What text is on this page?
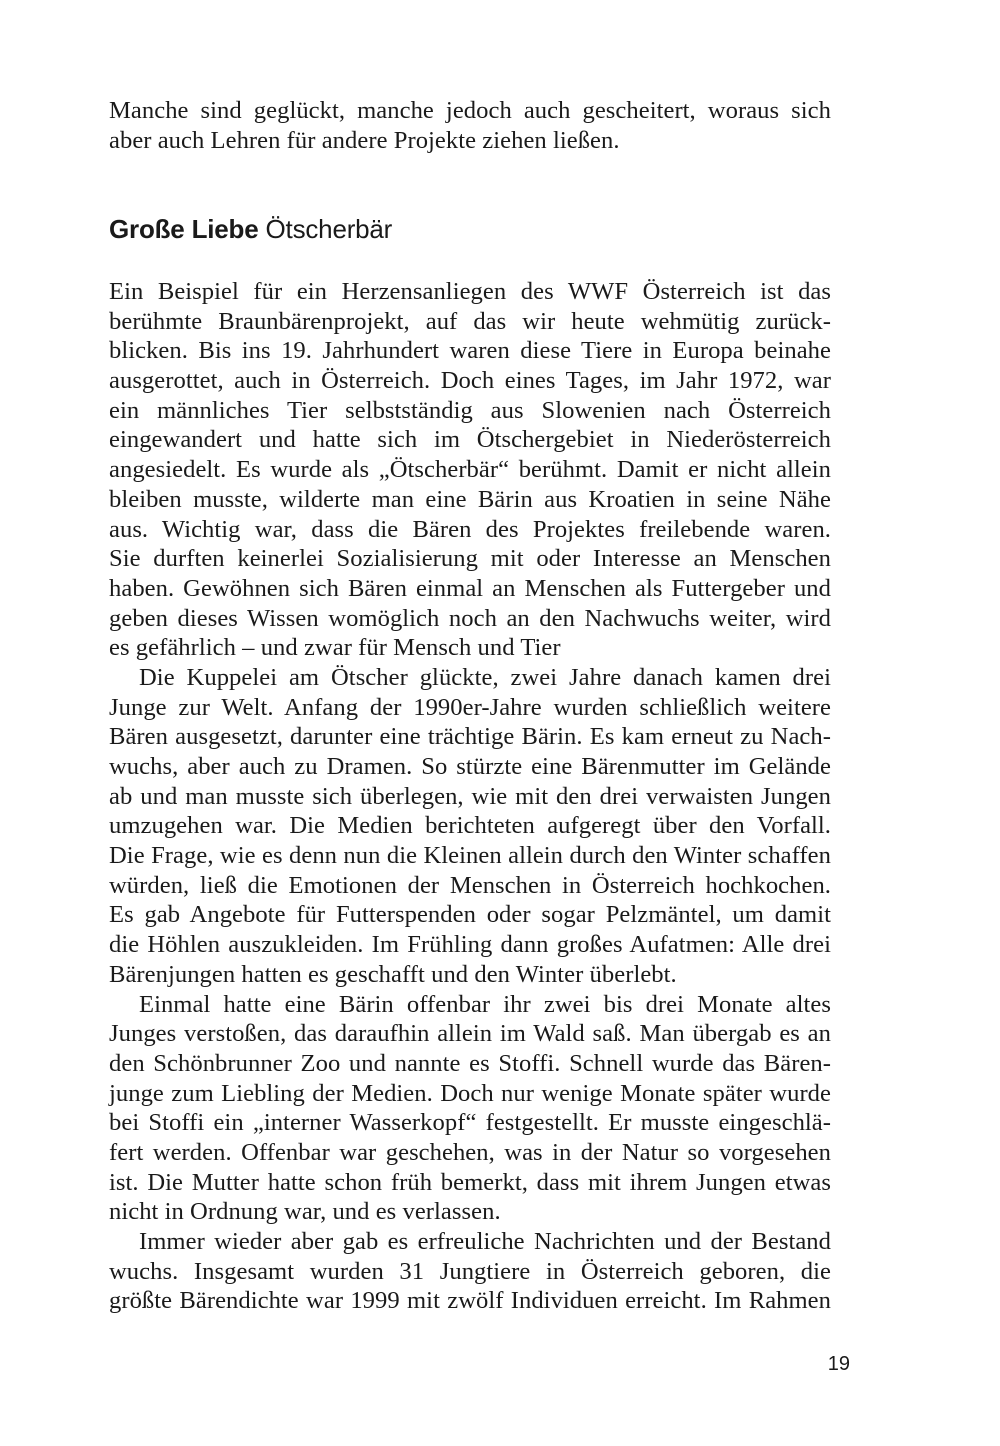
Manche sind geglückt, manche jedoch auch gescheitert, woraus sich
aber auch Lehren für andere Projekte ziehen ließen.
Große Liebe Ötscherbär
Ein Beispiel für ein Herzensanliegen des WWF Österreich ist das
berühmte Braunbärenprojekt, auf das wir heute wehmütig zurück-
blicken. Bis ins 19. Jahrhundert waren diese Tiere in Europa beinahe
ausgerottet, auch in Österreich. Doch eines Tages, im Jahr 1972, war
ein männliches Tier selbstständig aus Slowenien nach Österreich
eingewandert und hatte sich im Ötschergebiet in Niederösterreich
angesiedelt. Es wurde als „Ötscherbär“ berühmt. Damit er nicht allein
bleiben musste, wilderte man eine Bärin aus Kroatien in seine Nähe
aus. Wichtig war, dass die Bären des Projektes freilebende waren.
Sie durften keinerlei Sozialisierung mit oder Interesse an Menschen
haben. Gewöhnen sich Bären einmal an Menschen als Futtergeber und
geben dieses Wissen womöglich noch an den Nachwuchs weiter, wird
es gefährlich – und zwar für Mensch und Tier
Die Kuppelei am Ötscher glückte, zwei Jahre danach kamen drei
Junge zur Welt. Anfang der 1990er-Jahre wurden schließlich weitere
Bären ausgesetzt, darunter eine trächtige Bärin. Es kam erneut zu Nach-
wuchs, aber auch zu Dramen. So stürzte eine Bärenmutter im Gelände
ab und man musste sich überlegen, wie mit den drei verwaisten Jungen
umzugehen war. Die Medien berichteten aufgeregt über den Vorfall.
Die Frage, wie es denn nun die Kleinen allein durch den Winter schaffen
würden, ließ die Emotionen der Menschen in Österreich hochkochen.
Es gab Angebote für Futterspenden oder sogar Pelzmäntel, um damit
die Höhlen auszukleiden. Im Frühling dann großes Aufatmen: Alle drei
Bärenjungen hatten es geschafft und den Winter überlebt.
Einmal hatte eine Bärin offenbar ihr zwei bis drei Monate altes
Junges verstoßen, das daraufhin allein im Wald saß. Man übergab es an
den Schönbrunner Zoo und nannte es Stoffi. Schnell wurde das Bären-
junge zum Liebling der Medien. Doch nur wenige Monate später wurde
bei Stoffi ein „interner Wasserkopf“ festgestellt. Er musste eingeschlä-
fert werden. Offenbar war geschehen, was in der Natur so vorgesehen
ist. Die Mutter hatte schon früh bemerkt, dass mit ihrem Jungen etwas
nicht in Ordnung war, und es verlassen.
Immer wieder aber gab es erfreuliche Nachrichten und der Bestand
wuchs. Insgesamt wurden 31 Jungtiere in Österreich geboren, die
größte Bärendichte war 1999 mit zwölf Individuen erreicht. Im Rahmen
19
